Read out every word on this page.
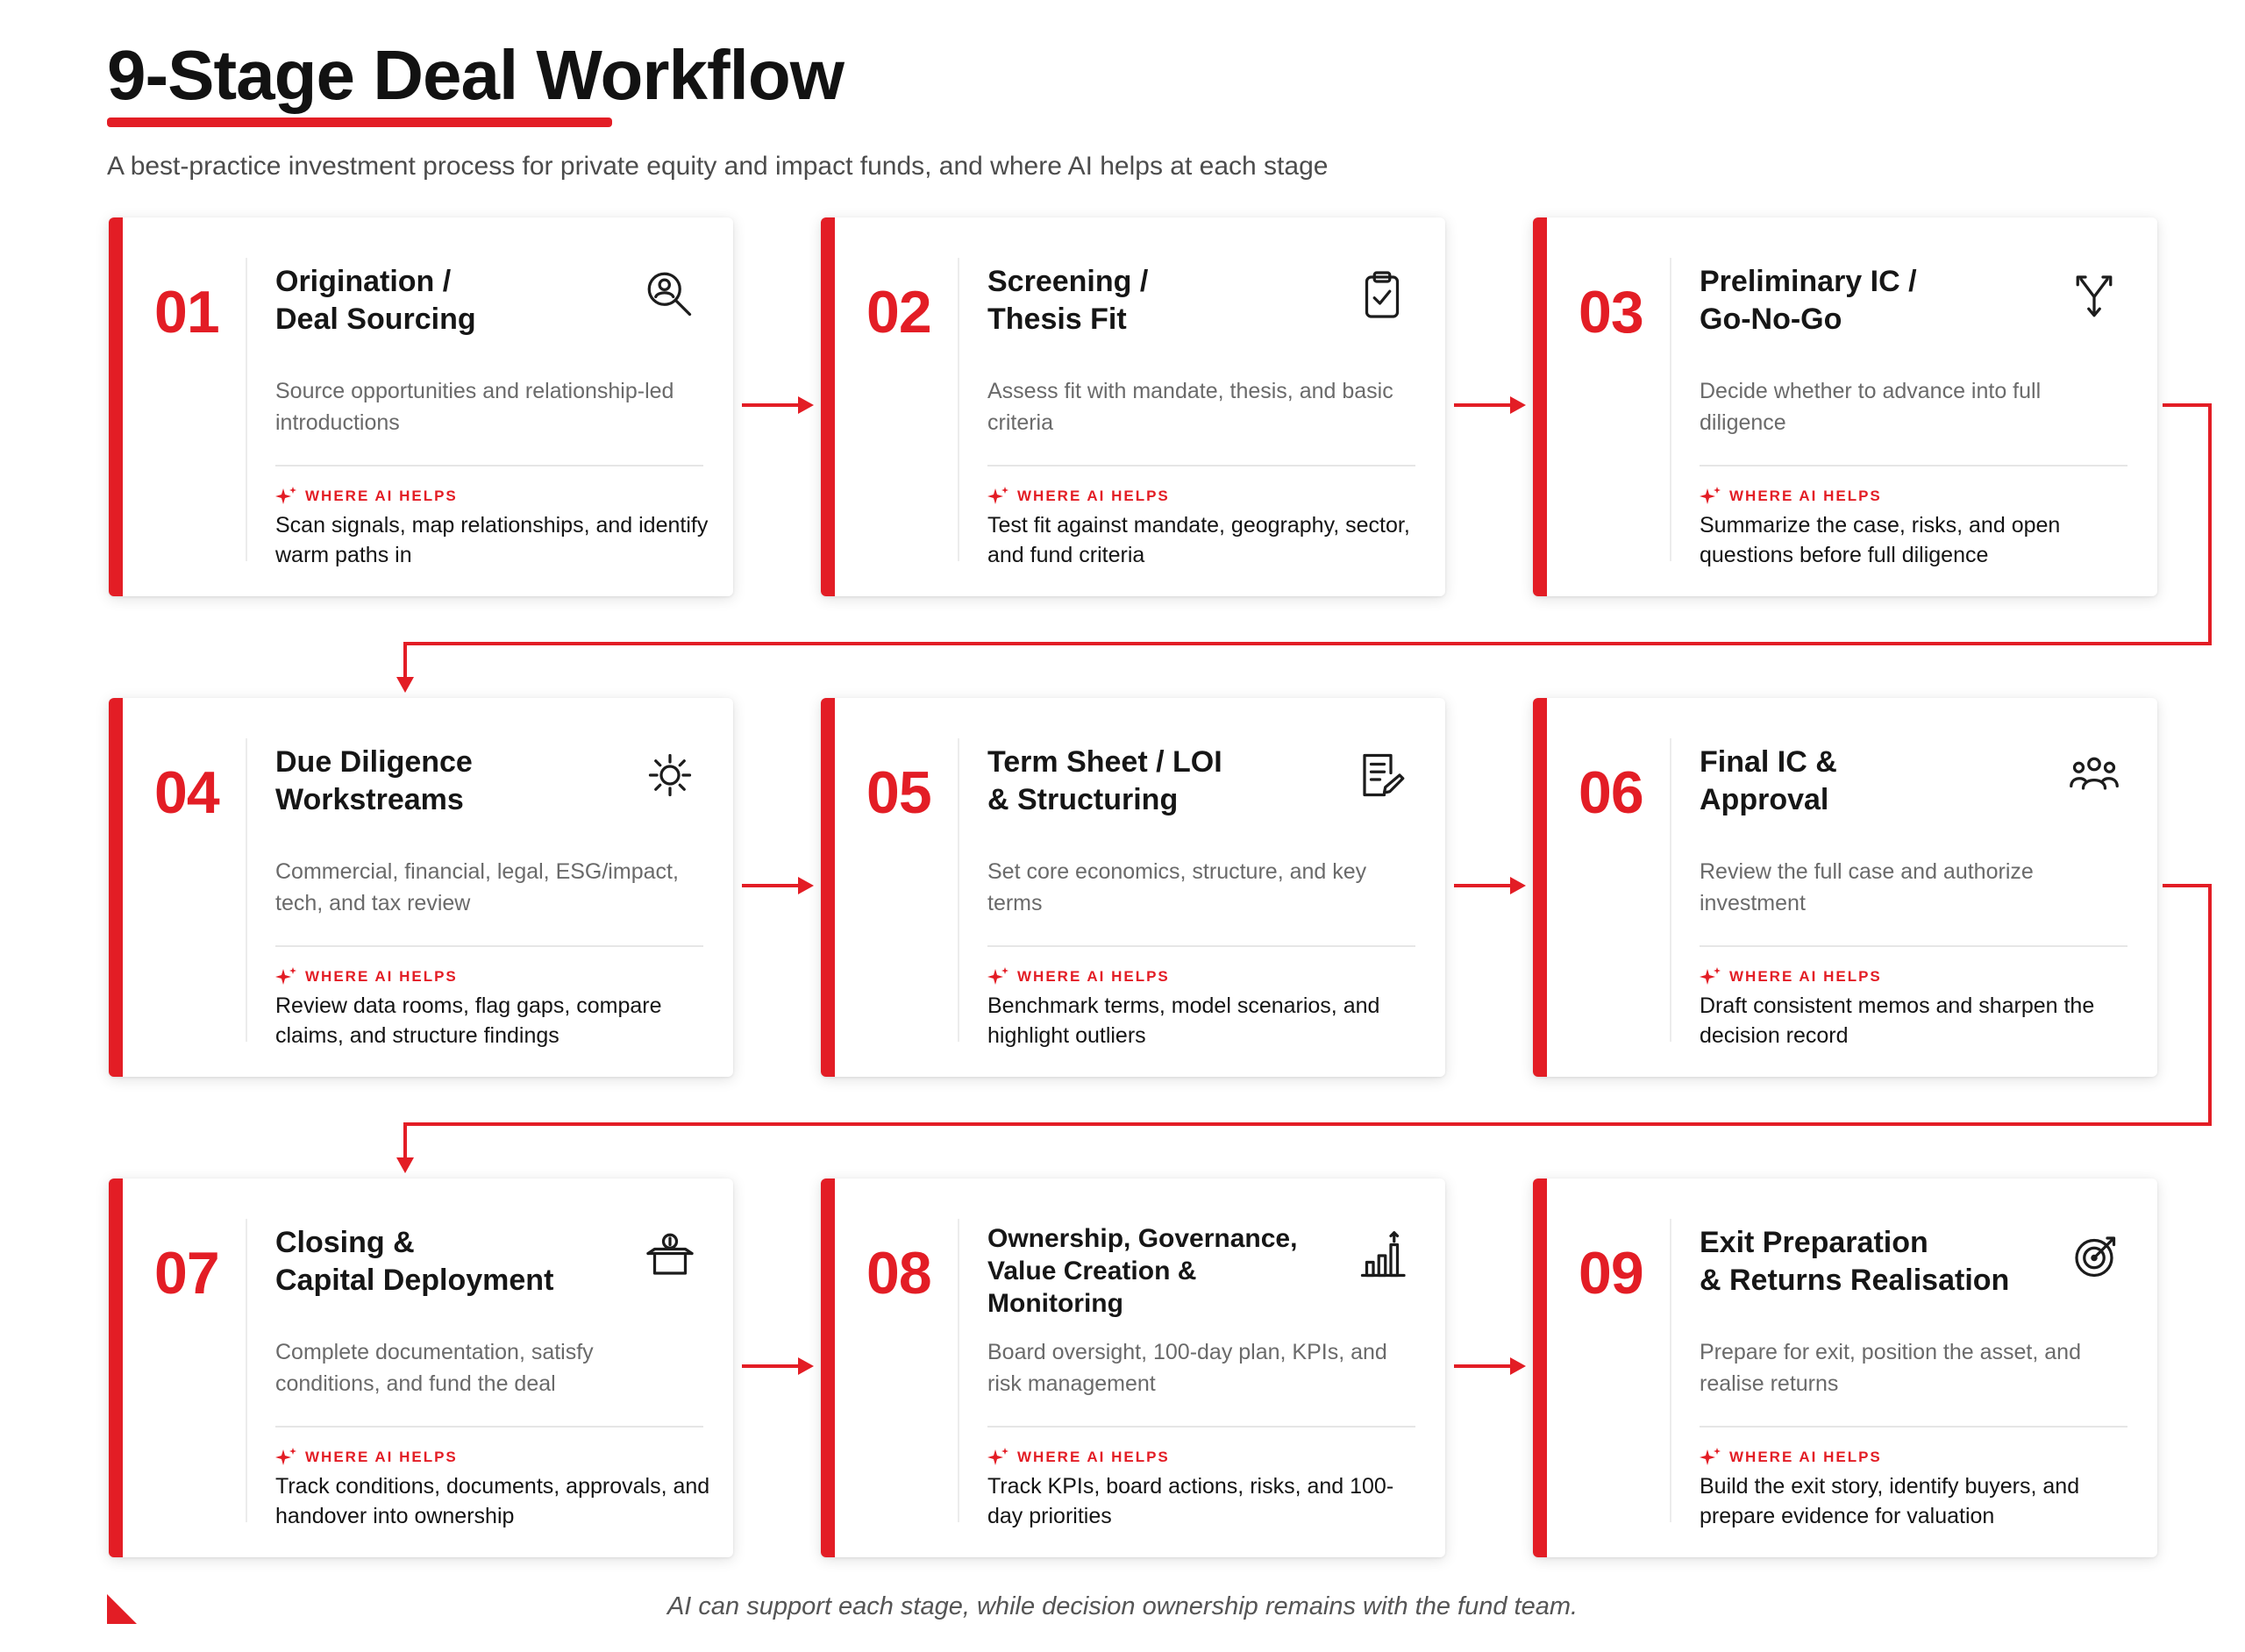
9-Stage Deal Workflow
A best-practice investment process for private equity and impact funds, and where AI helps at each stage
01 Origination /
Deal Sourcing
Source opportunities and relationship-led introductions
WHERE AI HELPS
Scan signals, map relationships, and identify warm paths in
02 Screening /
Thesis Fit
Assess fit with mandate, thesis, and basic criteria
WHERE AI HELPS
Test fit against mandate, geography, sector, and fund criteria
03 Preliminary IC /
Go-No-Go
Decide whether to advance into full diligence
WHERE AI HELPS
Summarize the case, risks, and open questions before full diligence
04 Due Diligence
Workstreams
Commercial, financial, legal, ESG/impact, tech, and tax review
WHERE AI HELPS
Review data rooms, flag gaps, compare claims, and structure findings
05 Term Sheet / LOI
& Structuring
Set core economics, structure, and key terms
WHERE AI HELPS
Benchmark terms, model scenarios, and highlight outliers
06 Final IC &
Approval
Review the full case and authorize investment
WHERE AI HELPS
Draft consistent memos and sharpen the decision record
07 Closing &
Capital Deployment
Complete documentation, satisfy conditions, and fund the deal
WHERE AI HELPS
Track conditions, documents, approvals, and handover into ownership
08
Ownership, Governance,
Value Creation &
Monitoring
Board oversight, 100-day plan, KPIs, and risk management
WHERE AI HELPS
Track KPIs, board actions, risks, and 100-day priorities
09 Exit Preparation
& Returns Realisation
Prepare for exit, position the asset, and realise returns
WHERE AI HELPS
Build the exit story, identify buyers, and prepare evidence for valuation
AI can support each stage, while decision ownership remains with the fund team.
